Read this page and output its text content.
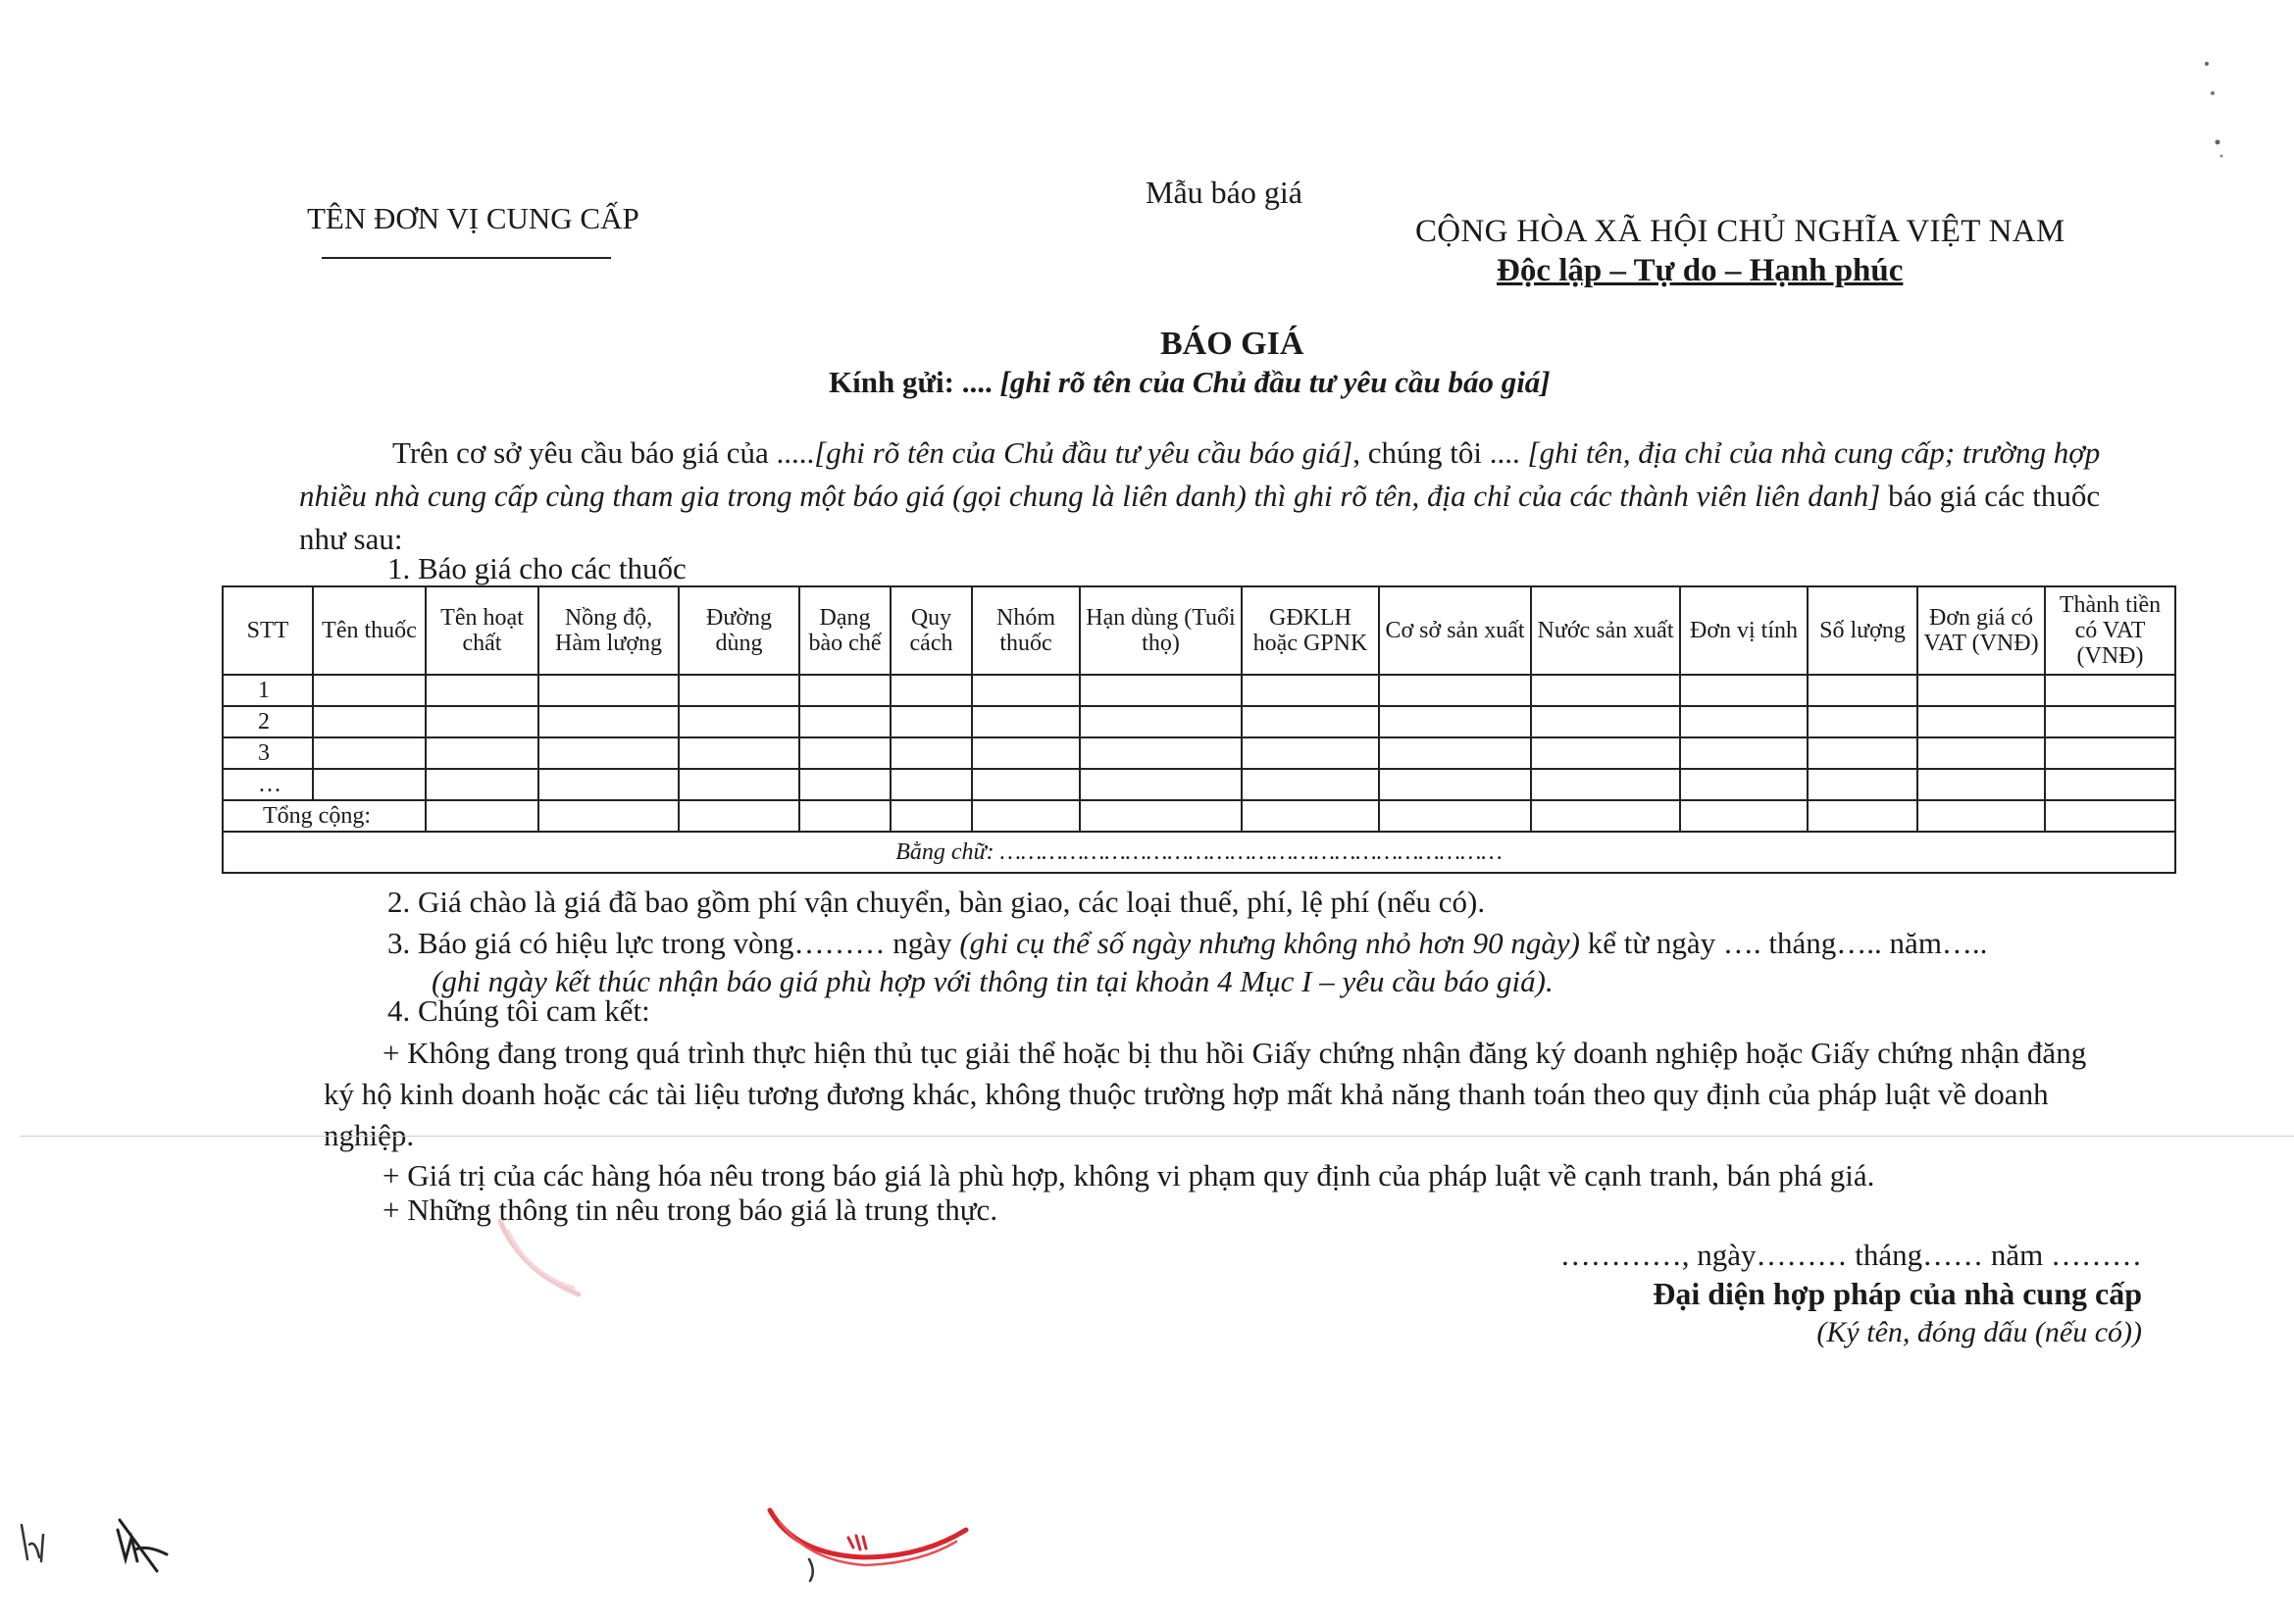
TÊN ĐƠN VỊ CUNG CẤP
Mẫu báo giá
CỘNG HÒA XÃ HỘI CHỦ NGHĨA VIỆT NAM
Độc lập – Tự do – Hạnh phúc
BÁO GIÁ
Kính gửi: .... [ghi rõ tên của Chủ đầu tư yêu cầu báo giá]
Trên cơ sở yêu cầu báo giá của .....[ghi rõ tên của Chủ đầu tư yêu cầu báo giá], chúng tôi .... [ghi tên, địa chỉ của nhà cung cấp; trường hợp nhiều nhà cung cấp cùng tham gia trong một báo giá (gọi chung là liên danh) thì ghi rõ tên, địa chỉ của các thành viên liên danh] báo giá các thuốc như sau:
1. Báo giá cho các thuốc
STT	Tên thuốc	Tên hoạt chất	Nồng độ, Hàm lượng	Đường dùng	Dạng bào chế	Quy cách	Nhóm thuốc	Hạn dùng (Tuổi thọ)	GĐKLH hoặc GPNK	Cơ sở sản xuất	Nước sản xuất	Đơn vị tính	Số lượng	Đơn giá có VAT (VNĐ)	Thành tiền có VAT (VNĐ)
1															
2															
3															
…															
Tổng cộng:															
Bằng chữ: ………………………………………………………………															
2. Giá chào là giá đã bao gồm phí vận chuyển, bàn giao, các loại thuế, phí, lệ phí (nếu có).
3. Báo giá có hiệu lực trong vòng……… ngày (ghi cụ thể số ngày nhưng không nhỏ hơn 90 ngày) kể từ ngày …. tháng….. năm…..
(ghi ngày kết thúc nhận báo giá phù hợp với thông tin tại khoản 4 Mục I – yêu cầu báo giá).
4. Chúng tôi cam kết:
+ Không đang trong quá trình thực hiện thủ tục giải thể hoặc bị thu hồi Giấy chứng nhận đăng ký doanh nghiệp hoặc Giấy chứng nhận đăng ký hộ kinh doanh hoặc các tài liệu tương đương khác, không thuộc trường hợp mất khả năng thanh toán theo quy định của pháp luật về doanh nghiệp.
+ Giá trị của các hàng hóa nêu trong báo giá là phù hợp, không vi phạm quy định của pháp luật về cạnh tranh, bán phá giá.
+ Những thông tin nêu trong báo giá là trung thực.
…………, ngày……… tháng…… năm ………
Đại diện hợp pháp của nhà cung cấp
(Ký tên, đóng dấu (nếu có))
